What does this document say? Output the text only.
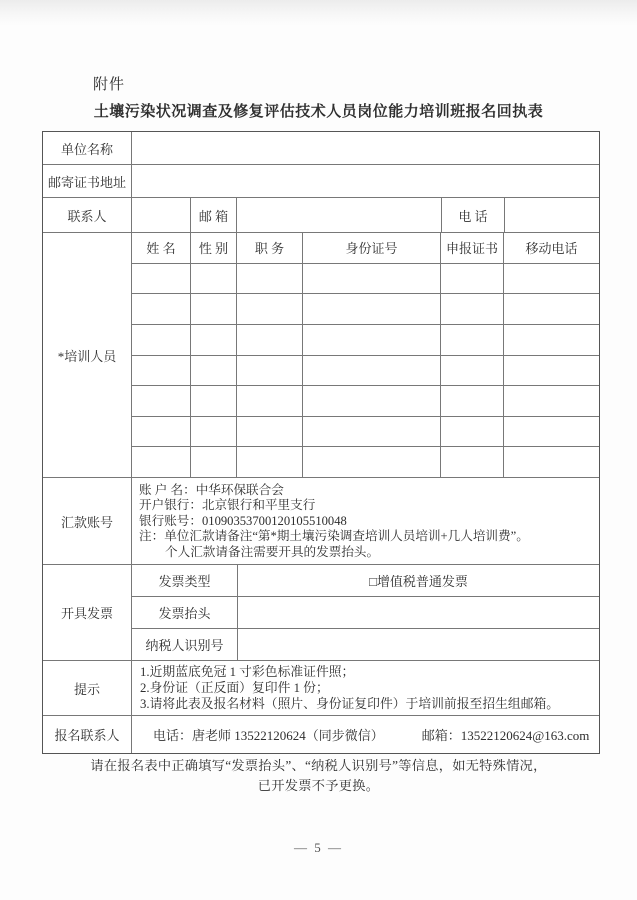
附件
土壤污染状况调查及修复评估技术人员岗位能力培训班报名回执表
单位名称
邮寄证书地址
联系人	邮 箱	电 话
*培训人员
姓 名	性 别	职 务	身份证号	申报证书	移动电话
汇款账号
账 户 名：中华环保联合会
开户银行：北京银行和平里支行
银行账号：01090353700120105510048
注：单位汇款请备注“第*期土壤污染调查培训人员培训+几人培训费”。
个人汇款请备注需要开具的发票抬头。
开具发票
发票类型	□增值税普通发票
发票抬头
纳税人识别号
提示
1.近期蓝底免冠 1 寸彩色标准证件照；
2.身份证（正反面）复印件 1 份；
3.请将此表及报名材料（照片、身份证复印件）于培训前报至招生组邮箱。
报名联系人	电话：唐老师 13522120624（同步微信）	邮箱：13522120624@163.com
请在报名表中正确填写“发票抬头”、“纳税人识别号”等信息，如无特殊情况，
已开发票不予更换。
— 5 —
